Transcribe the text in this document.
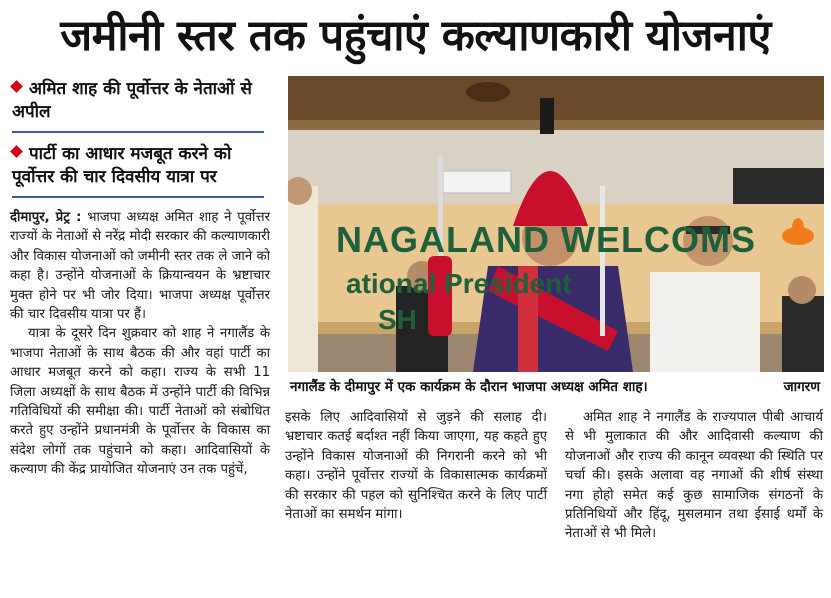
जमीनी स्तर तक पहुंचाएं कल्याणकारी योजनाएं
अमित शाह की पूर्वोत्तर के नेताओं से अपील
पार्टी का आधार मजबूत करने को पूर्वोत्तर की चार दिवसीय यात्रा पर

दीमापुर, प्रेट्र : भाजपा अध्यक्ष अमित शाह ने पूर्वोत्तर राज्यों के नेताओं से नरेंद्र मोदी सरकार की कल्याणकारी और विकास योजनाओं को जमीनी स्तर तक ले जाने को कहा है। उन्होंने योजनाओं के क्रियान्वयन के भ्रष्टाचार मुक्त होने पर भी जोर दिया। भाजपा अध्यक्ष पूर्वोत्तर की चार दिवसीय यात्रा पर हैं।

यात्रा के दूसरे दिन शुक्रवार को शाह ने नगालैंड के भाजपा नेताओं के साथ बैठक की और वहां पार्टी का आधार मजबूत करने को कहा। राज्य के सभी 11 जिला अध्यक्षों के साथ बैठक में उन्होंने पार्टी की विभिन्न गतिविधियों की समीक्षा की। पार्टी नेताओं को संबोधित करते हुए उन्होंने प्रधानमंत्री के पूर्वोत्तर के विकास का संदेश लोगों तक पहुंचाने को कहा। आदिवासियों के कल्याण की केंद्र प्रायोजित योजनाएं उन तक पहुंचें,

NAGALAND WELCOMS
ational President
SH
नगालैंड के दीमापुर में एक कार्यक्रम के दौरान भाजपा अध्यक्ष अमित शाह।	जागरण

इसके लिए आदिवासियों से जुड़ने की सलाह दी। भ्रष्टाचार कतई बर्दाश्त नहीं किया जाएगा, यह कहते हुए उन्होंने विकास योजनाओं की निगरानी करने को भी कहा। उन्होंने पूर्वोत्तर राज्यों के विकासात्मक कार्यक्रमों की सरकार की पहल को सुनिश्चित करने के लिए पार्टी नेताओं का समर्थन मांगा।

अमित शाह ने नगालैंड के राज्यपाल पीबी आचार्य से भी मुलाकात की और आदिवासी कल्याण की योजनाओं और राज्य की कानून व्यवस्था की स्थिति पर चर्चा की। इसके अलावा वह नगाओं की शीर्ष संस्था नगा होहो समेत कई कुछ सामाजिक संगठनों के प्रतिनिधियों और हिंदू, मुसलमान तथा ईसाई धर्मों के नेताओं से भी मिले।
